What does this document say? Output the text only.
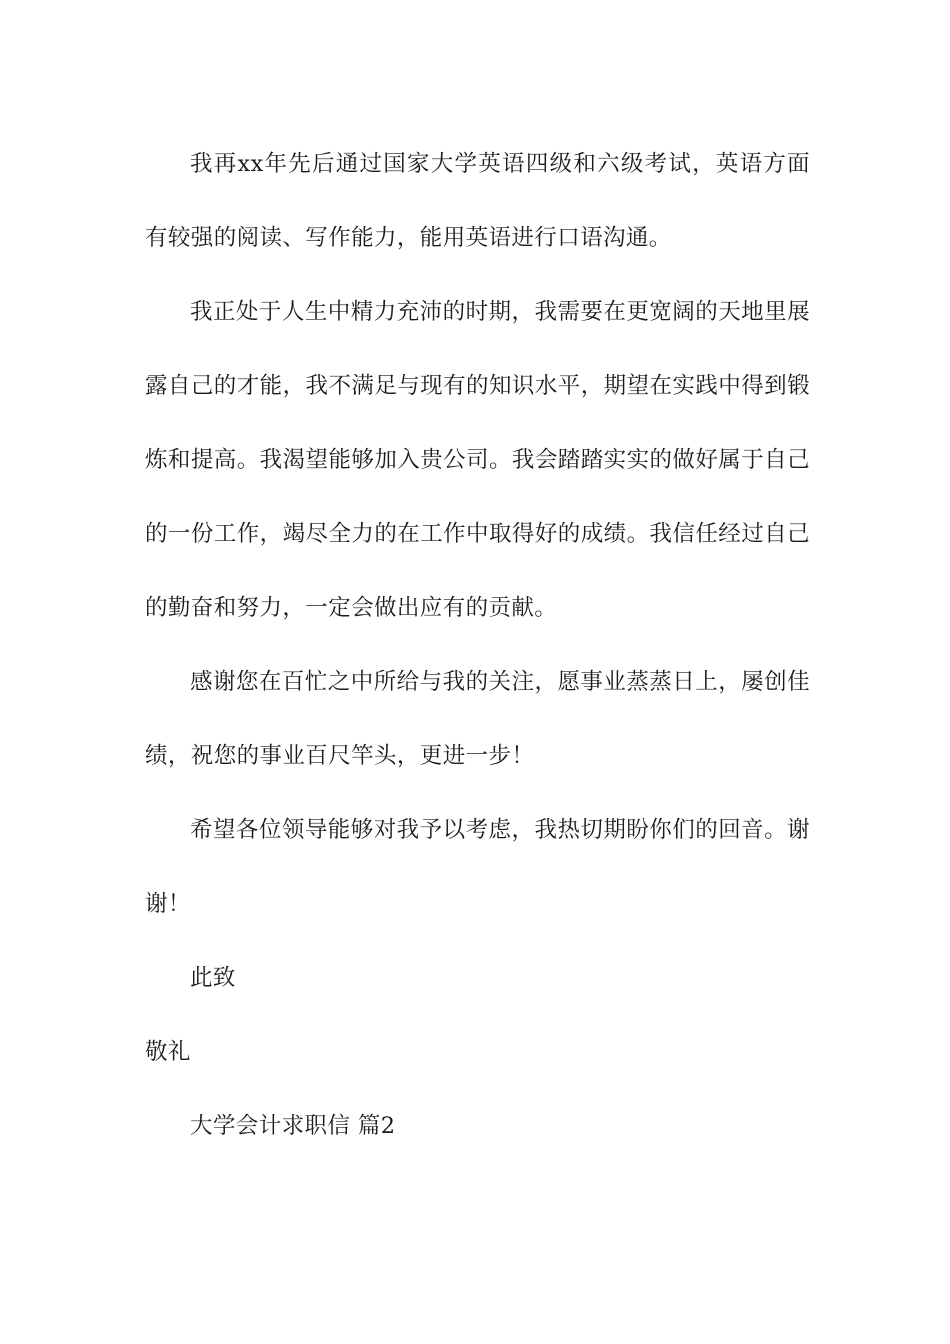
我再xx年先后通过国家大学英语四级和六级考试，英语方面有较强的阅读、写作能力，能用英语进行口语沟通。

我正处于人生中精力充沛的时期，我需要在更宽阔的天地里展露自己的才能，我不满足与现有的知识水平，期望在实践中得到锻炼和提高。我渴望能够加入贵公司。我会踏踏实实的做好属于自己的一份工作，竭尽全力的在工作中取得好的成绩。我信任经过自己的勤奋和努力，一定会做出应有的贡献。

感谢您在百忙之中所给与我的关注，愿事业蒸蒸日上，屡创佳绩，祝您的事业百尺竿头，更进一步！

希望各位领导能够对我予以考虑，我热切期盼你们的回音。谢谢！

此致

敬礼

大学会计求职信 篇2
